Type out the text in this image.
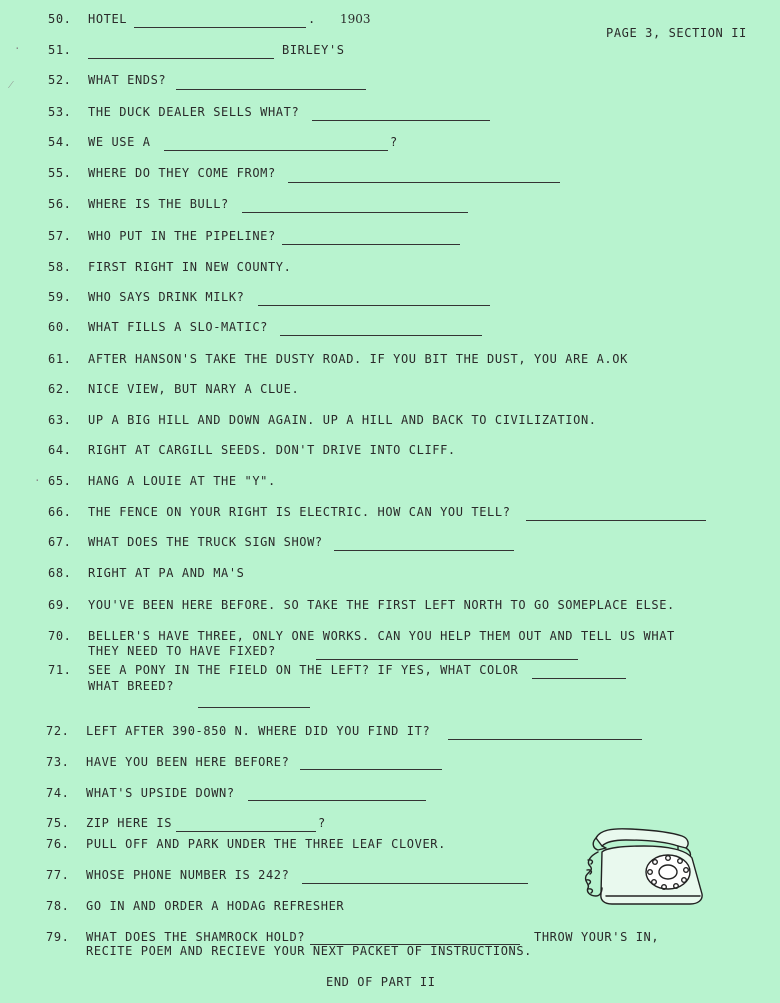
PAGE 3, SECTION II
·
⁄
·
50.	HOTEL	. 1903
51.	BIRLEY'S
52.	WHAT ENDS?
53.	THE DUCK DEALER SELLS WHAT?
54.	WE USE A	?
55.	WHERE DO THEY COME FROM?
56.	WHERE IS THE BULL?
57.	WHO PUT IN THE PIPELINE?
58.	FIRST RIGHT IN NEW COUNTY.
59.	WHO SAYS DRINK MILK?
60.	WHAT FILLS A SLO-MATIC?
61.	AFTER HANSON'S TAKE THE DUSTY ROAD. IF YOU BIT THE DUST, YOU ARE A.OK
62.	NICE VIEW, BUT NARY A CLUE.
63.	UP A BIG HILL AND DOWN AGAIN. UP A HILL AND BACK TO CIVILIZATION.
64.	RIGHT AT CARGILL SEEDS. DON'T DRIVE INTO CLIFF.
65.	HANG A LOUIE AT THE "Y".
66.	THE FENCE ON YOUR RIGHT IS ELECTRIC. HOW CAN YOU TELL?
67.	WHAT DOES THE TRUCK SIGN SHOW?
68.	RIGHT AT PA AND MA'S
69.	YOU'VE BEEN HERE BEFORE. SO TAKE THE FIRST LEFT NORTH TO GO SOMEPLACE ELSE.
70.	BELLER'S HAVE THREE, ONLY ONE WORKS. CAN YOU HELP THEM OUT AND TELL US WHAT
THEY NEED TO HAVE FIXED?
71.	SEE A PONY IN THE FIELD ON THE LEFT? IF YES, WHAT COLOR
WHAT BREED?
72.	LEFT AFTER 390-850 N. WHERE DID YOU FIND IT?
73.	HAVE YOU BEEN HERE BEFORE?
74.	WHAT'S UPSIDE DOWN?
75.	ZIP HERE IS	?
76.	PULL OFF AND PARK UNDER THE THREE LEAF CLOVER.
77.	WHOSE PHONE NUMBER IS 242?
78.	GO IN AND ORDER A HODAG REFRESHER
79.	WHAT DOES THE SHAMROCK HOLD?	THROW YOUR'S IN,
RECITE POEM AND RECIEVE YOUR NEXT PACKET OF INSTRUCTIONS.
END OF PART II
